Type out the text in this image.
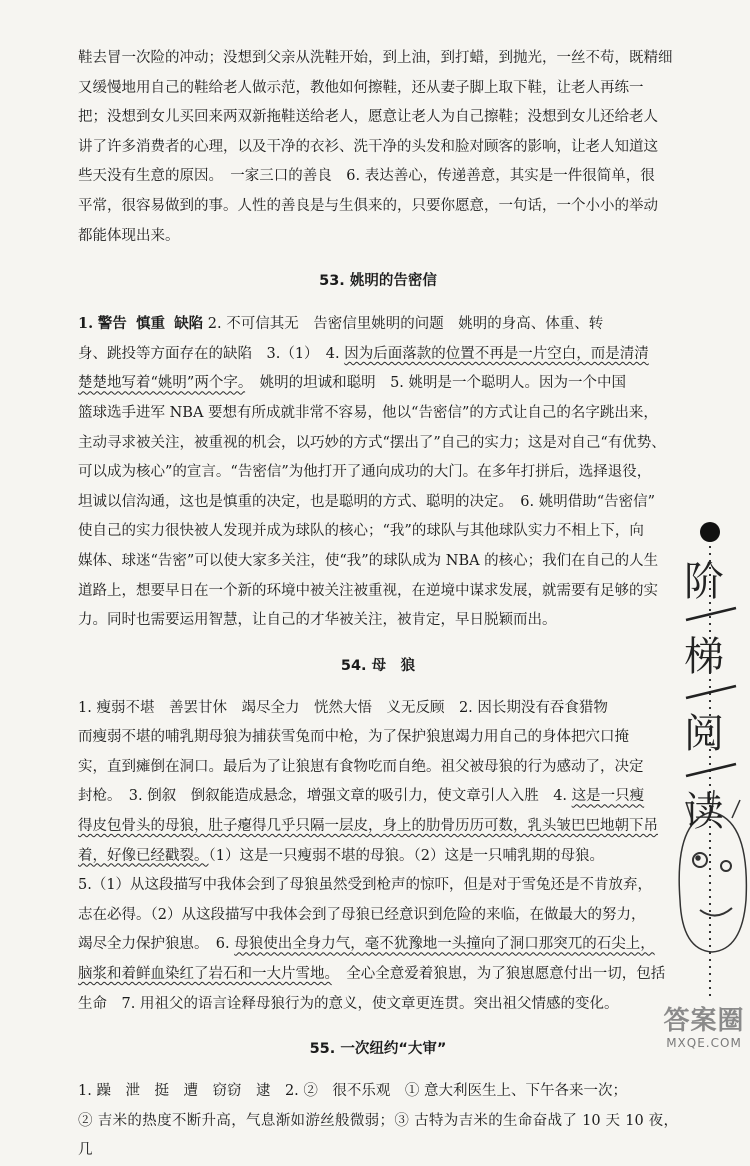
鞋去冒一次险的冲动；没想到父亲从洗鞋开始，到上油，到打蜡，到抛光，一丝不苟，既精细

又缓慢地用自己的鞋给老人做示范，教他如何擦鞋，还从妻子脚上取下鞋，让老人再练一

把；没想到女儿买回来两双新拖鞋送给老人，愿意让老人为自己擦鞋；没想到女儿还给老人

讲了许多消费者的心理，以及干净的衣衫、洗干净的头发和脸对顾客的影响，让老人知道这

些天没有生意的原因。　一家三口的善良　6. 表达善心，传递善意，其实是一件很简单，很

平常，很容易做到的事。人性的善良是与生俱来的，只要你愿意，一句话，一个小小的举动

都能体现出来。

53. 姚明的告密信

1. 警告 慎重 缺陷 2. 不可信其无　告密信里姚明的问题　姚明的身高、体重、转

身、跳投等方面存在的缺陷　3.（1）　4. 因为后面落款的位置不再是一片空白，而是清清

楚楚地写着“姚明”两个字。　姚明的坦诚和聪明　5. 姚明是一个聪明人。因为一个中国

篮球选手进军 NBA 要想有所成就非常不容易，他以“告密信”的方式让自己的名字跳出来，

主动寻求被关注，被重视的机会，以巧妙的方式“摆出了”自己的实力；这是对自己“有优势、

可以成为核心”的宣言。“告密信”为他打开了通向成功的大门。在多年打拼后，选择退役，

坦诚以信沟通，这也是慎重的决定，也是聪明的方式、聪明的决定。　6. 姚明借助“告密信”

使自己的实力很快被人发现并成为球队的核心；“我”的球队与其他球队实力不相上下，向

媒体、球迷“告密”可以使大家多关注，使“我”的球队成为 NBA 的核心；我们在自己的人生

道路上，想要早日在一个新的环境中被关注被重视，在逆境中谋求发展，就需要有足够的实

力。同时也需要运用智慧，让自己的才华被关注，被肯定，早日脱颖而出。

54. 母　狼

1. 瘦弱不堪　善罢甘休　竭尽全力　恍然大悟　义无反顾　2. 因长期没有吞食猎物

而瘦弱不堪的哺乳期母狼为捕获雪兔而中枪，为了保护狼崽竭力用自己的身体把穴口掩

实，直到瘫倒在洞口。最后为了让狼崽有食物吃而自绝。祖父被母狼的行为感动了，决定

封枪。　3. 倒叙　倒叙能造成悬念，增强文章的吸引力，使文章引人入胜　4. 这是一只瘦

得皮包骨头的母狼，肚子瘪得几乎只隔一层皮，身上的肋骨历历可数，乳头皱巴巴地朝下吊

着，好像已经戳裂。（1）这是一只瘦弱不堪的母狼。（2）这是一只哺乳期的母狼。

5.（1）从这段描写中我体会到了母狼虽然受到枪声的惊吓，但是对于雪兔还是不肯放弃，

志在必得。（2）从这段描写中我体会到了母狼已经意识到危险的来临，在做最大的努力，

竭尽全力保护狼崽。　6. 母狼使出全身力气，毫不犹豫地一头撞向了洞口那突兀的石尖上，

脑浆和着鲜血染红了岩石和一大片雪地。　全心全意爱着狼崽，为了狼崽愿意付出一切，包括

生命　7. 用祖父的语言诠释母狼行为的意义，使文章更连贯。突出祖父情感的变化。

55. 一次纽约“大审”

1. 躁　泄　挺　遭　窃窃　逮　2. ②　很不乐观　① 意大利医生上、下午各来一次；

② 吉米的热度不断升高，气息渐如游丝般微弱；③ 古特为吉米的生命奋战了 10 天 10 夜，几

阶
梯
阅
读
答案圈
MXQE.COM
